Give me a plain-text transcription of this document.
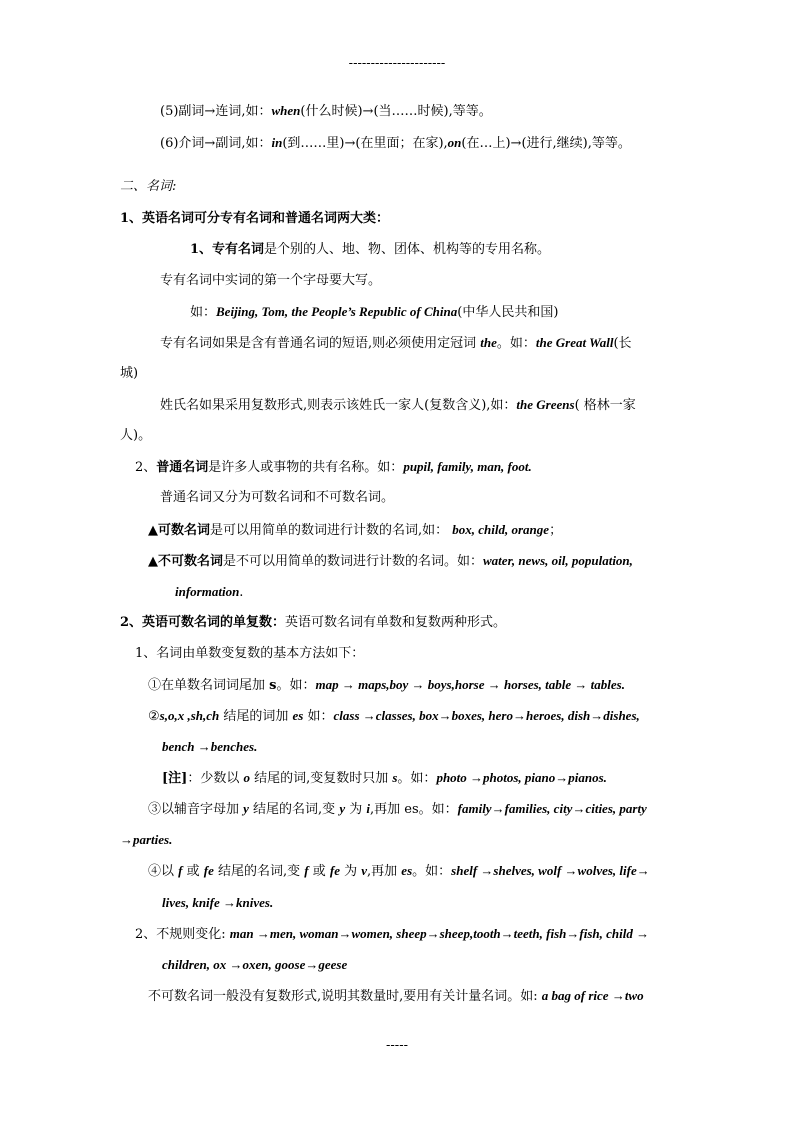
----------------------
(5)副词→连词,如：when(什么时候)→(当……时候),等等。
(6)介词→副词,如：in(到……里)→(在里面；在家),on(在…上)→(进行,继续),等等。
二、名词:
1、英语名词可分专有名词和普通名词两大类：
1、专有名词是个别的人、地、物、团体、机构等的专用名称。
专有名词中实词的第一个字母要大写。
如：Beijing, Tom, the People’s Republic of China(中华人民共和国)
专有名词如果是含有普通名词的短语,则必须使用定冠词 the。如：the Great Wall(长
城)
姓氏名如果采用复数形式,则表示该姓氏一家人(复数含义),如：the Greens( 格林一家
人)。
2、普通名词是许多人或事物的共有名称。如：pupil, family, man, foot.
普通名词又分为可数名词和不可数名词。
▲可数名词是可以用简单的数词进行计数的名词,如： box, child, orange；
▲不可数名词是不可以用简单的数词进行计数的名词。如：water, news, oil, population,
information.
2、英语可数名词的单复数：英语可数名词有单数和复数两种形式。
1、名词由单数变复数的基本方法如下：
①在单数名词词尾加 s。如：map → maps,boy → boys,horse → horses, table → tables.
②s,o,x ,sh,ch 结尾的词加 es 如：class →classes, box→boxes, hero→heroes, dish→dishes,
bench →benches.
[注]：少数以 o 结尾的词,变复数时只加 s。如：photo →photos, piano→pianos.
③以辅音字母加 y 结尾的名词,变 y 为 i,再加 es。如：family→families, city→cities, party
→parties.
④以 f 或 fe 结尾的名词,变 f 或 fe 为 v,再加 es。如：shelf →shelves, wolf →wolves, life→
lives, knife →knives.
2、不规则变化: man →men, woman→women, sheep→sheep,tooth→teeth, fish→fish, child →
children, ox →oxen, goose→geese
不可数名词一般没有复数形式,说明其数量时,要用有关计量名词。如: a bag of rice →two
-----
